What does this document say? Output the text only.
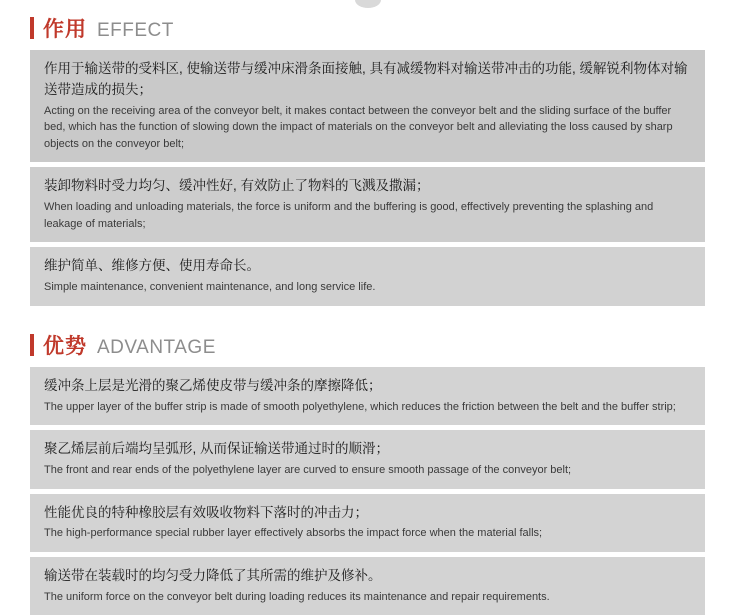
作用 EFFECT

作用于输送带的受料区, 使输送带与缓冲床滑条面接触, 具有减缓物料对输送带冲击的功能, 缓解锐利物体对输送带造成的损失；

Acting on the receiving area of the conveyor belt, it makes contact between the conveyor belt and the sliding surface of the buffer bed, which has the function of slowing down the impact of materials on the conveyor belt and alleviating the loss caused by sharp objects on the conveyor belt;

装卸物料时受力均匀、缓冲性好, 有效防止了物料的飞溅及撒漏；

When loading and unloading materials, the force is uniform and the buffering is good, effectively preventing the splashing and leakage of materials;

维护简单、维修方便、使用寿命长。

Simple maintenance, convenient maintenance, and long service life.

优势 ADVANTAGE

缓冲条上层是光滑的聚乙烯使皮带与缓冲条的摩擦降低；

The upper layer of the buffer strip is made of smooth polyethylene, which reduces the friction between the belt and the buffer strip;

聚乙烯层前后端均呈弧形, 从而保证输送带通过时的顺滑；

The front and rear ends of the polyethylene layer are curved to ensure smooth passage of the conveyor belt;

性能优良的特种橡胶层有效吸收物料下落时的冲击力；

The high-performance special rubber layer effectively absorbs the impact force when the material falls;

输送带在装载时的均匀受力降低了其所需的维护及修补。

The uniform force on the conveyor belt during loading reduces its maintenance and repair requirements.
